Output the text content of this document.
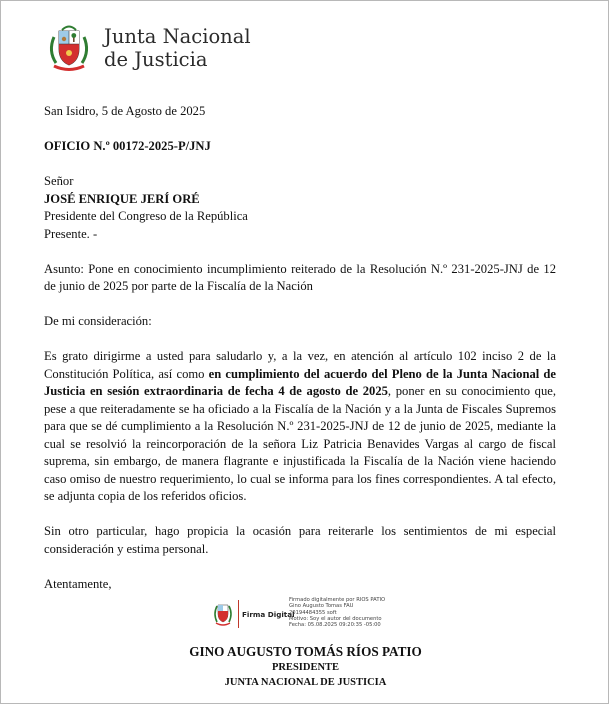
Junta Nacional
de Justicia

San Isidro, 5 de Agosto de 2025

OFICIO N.º 00172-2025-P/JNJ

Señor

JOSÉ ENRIQUE JERÍ ORÉ

Presidente del Congreso de la República

Presente. -

Asunto: Pone en conocimiento incumplimiento reiterado de la Resolución N.º 231-2025-JNJ de 12 de junio de 2025 por parte de la Fiscalía de la Nación

De mi consideración:

Es grato dirigirme a usted para saludarlo y, a la vez, en atención al artículo 102 inciso 2 de la Constitución Política, así como en cumplimiento del acuerdo del Pleno de la Junta Nacional de Justicia en sesión extraordinaria de fecha 4 de agosto de 2025, poner en su conocimiento que, pese a que reiteradamente se ha oficiado a la Fiscalía de la Nación y a la Junta de Fiscales Supremos para que se dé cumplimiento a la Resolución N.º 231-2025-JNJ de 12 de junio de 2025, mediante la cual se resolvió la reincorporación de la señora Liz Patricia Benavides Vargas al cargo de fiscal suprema, sin embargo, de manera flagrante e injustificada la Fiscalía de la Nación viene haciendo caso omiso de nuestro requerimiento, lo cual se informa para los fines correspondientes. A tal efecto, se adjunta copia de los referidos oficios.

Sin otro particular, hago propicia la ocasión para reiterarle los sentimientos de mi especial consideración y estima personal.

Atentamente,

Firma Digital
Firmado digitalmente por RIOS PATIO
Gino Augusto Tomas FAU
20194484355 soft
Motivo: Soy el autor del documento
Fecha: 05.08.2025 09:20:35 -05:00
GINO AUGUSTO TOMÁS RÍOS PATIO
PRESIDENTE
JUNTA NACIONAL DE JUSTICIA
